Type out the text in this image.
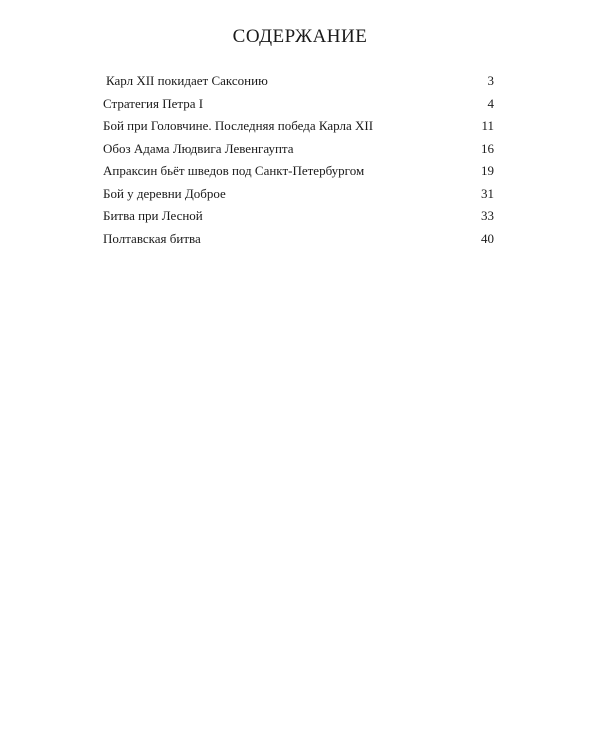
СОДЕРЖАНИЕ
Карл XII покидает Саксонию .....	3
Стратегия Петра I .....	4
Бой при Головчине. Последняя победа Карла XII .....	11
Обоз Адама Людвига Левенгаупта .....	16
Апраксин бьёт шведов под Санкт-Петербургом .....	19
Бой у деревни Доброе .....	31
Битва при Лесной .....	33
Полтавская битва .....	40
